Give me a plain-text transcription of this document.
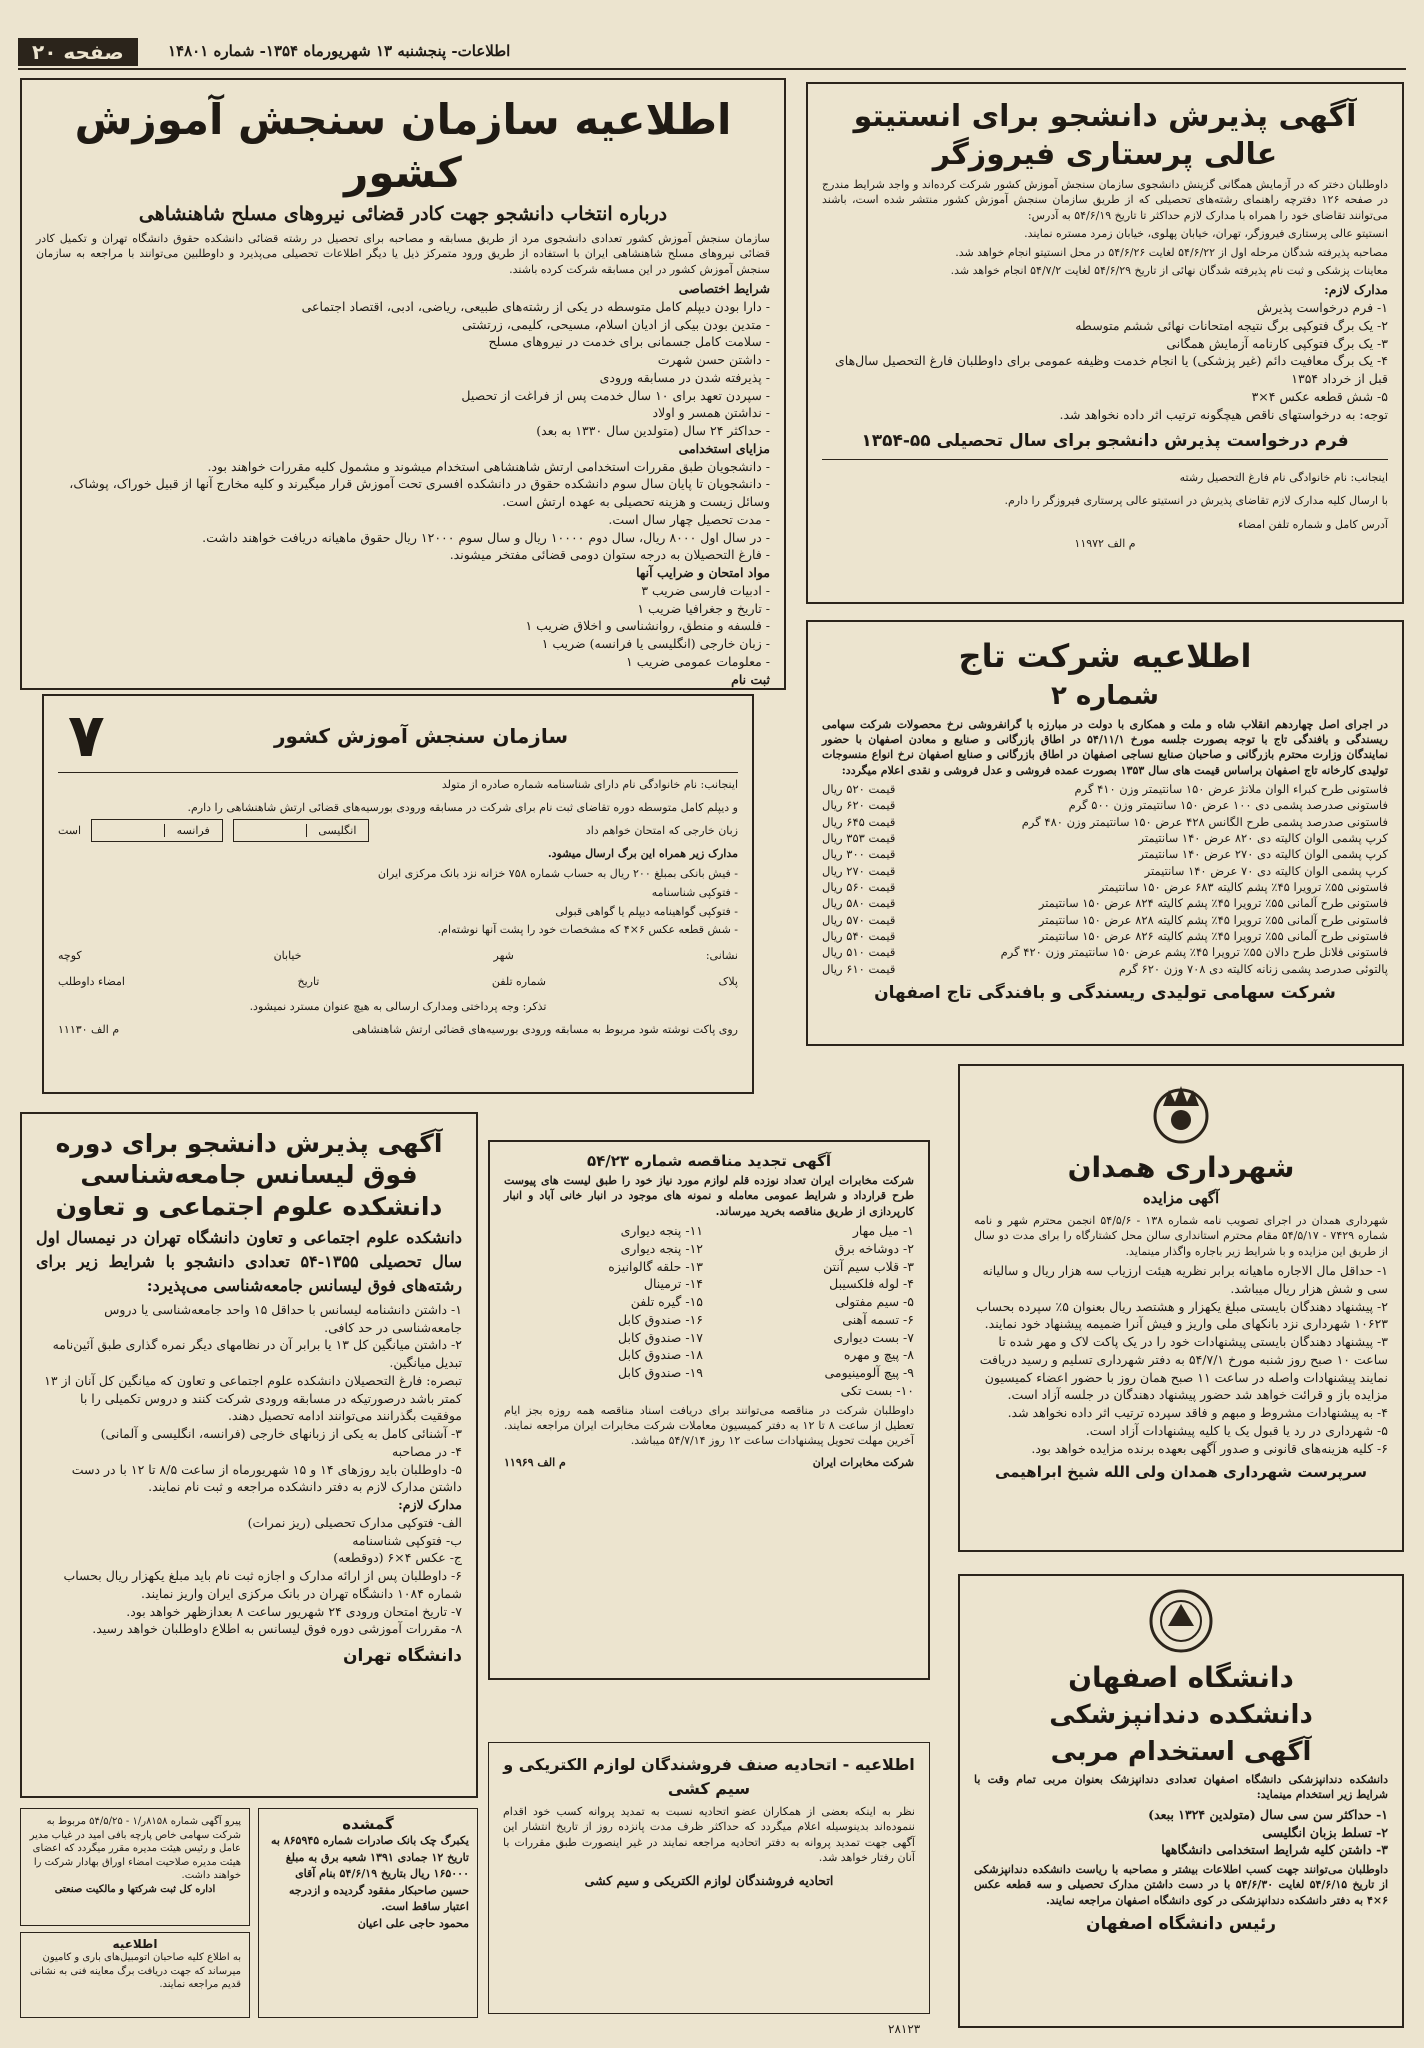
صفحه ۲۰	اطلاعات- پنجشنبه ۱۳ شهریورماه ۱۳۵۴- شماره ۱۴۸۰۱
اطلاعیه سازمان سنجش آموزش کشور
درباره انتخاب دانشجو جهت کادر قضائی نیروهای مسلح شاهنشاهی
سازمان سنجش آموزش کشور تعدادی دانشجوی مرد از طریق مسابقه و مصاحبه برای تحصیل در رشته قضائی دانشکده حقوق دانشگاه تهران و تکمیل کادر قضائی نیروهای مسلح شاهنشاهی ایران با استفاده از طریق ورود متمرکز ذیل یا دیگر اطلاعات تحصیلی می‌پذیرد و داوطلبین می‌توانند با مراجعه به سازمان سنجش آموزش کشور در این مسابقه شرکت کرده باشند.
شرایط اختصاصی
- دارا بودن دیپلم کامل متوسطه در یکی از رشته‌های طبیعی، ریاضی، ادبی، اقتصاد اجتماعی
- متدین بودن بیکی از ادیان اسلام، مسیحی، کلیمی، زرتشتی
- سلامت کامل جسمانی برای خدمت در نیروهای مسلح
- داشتن حسن شهرت
- پذیرفته شدن در مسابقه ورودی
- سپردن تعهد برای ۱۰ سال خدمت پس از فراغت از تحصیل
- نداشتن همسر و اولاد
- حداکثر ۲۴ سال (متولدین سال ۱۳۳۰ به بعد)
مزایای استخدامی
- دانشجویان طبق مقررات استخدامی ارتش شاهنشاهی استخدام میشوند و مشمول کلیه مقررات خواهند بود.
- دانشجویان تا پایان سال سوم دانشکده حقوق در دانشکده افسری تحت آموزش قرار میگیرند و کلیه مخارج آنها از قبیل خوراک، پوشاک، وسائل زیست و هزینه تحصیلی به عهده ارتش است.
- مدت تحصیل چهار سال است.
- در سال اول ۸۰۰۰ ریال، سال دوم ۱۰۰۰۰ ریال و سال سوم ۱۲۰۰۰ ریال حقوق ماهیانه دریافت خواهند داشت.
- فارغ التحصیلان به درجه ستوان دومی قضائی مفتخر میشوند.
مواد امتحان و ضرایب آنها
- ادبیات فارسی ضریب ۳
- تاریخ و جغرافیا ضریب ۱
- فلسفه و منطق، روانشناسی و اخلاق ضریب ۱
- زبان خارجی (انگلیسی یا فرانسه) ضریب ۱
- معلومات عمومی ضریب ۱
ثبت نام
سازمان سنجش آموزش کشور
۷
اینجانب: نام خانوادگی نام دارای شناسنامه شماره صادره از متولد
و دیپلم کامل متوسطه دوره تقاضای ثبت نام برای شرکت در مسابقه ورودی بورسیه‌های قضائی ارتش شاهنشاهی را دارم.
زبان خارجی که امتحان خواهم داد
انگلیسی
فرانسه
است
مدارک زیر همراه این برگ ارسال میشود.
- فیش بانکی بمبلغ ۲۰۰ ریال به حساب شماره ۷۵۸ خزانه نزد بانک مرکزی ایران
- فتوکپی شناسنامه
- فتوکپی گواهینامه دیپلم یا گواهی قبولی
- شش قطعه عکس ۶×۴ که مشخصات خود را پشت آنها نوشته‌ام.
نشانی:
شهر
خیابان
کوچه
پلاک
شماره تلفن
تاریخ
امضاء داوطلب
تذکر: وجه پرداختی ومدارک ارسالی به هیچ عنوان مسترد نمیشود.
روی پاکت نوشته شود مربوط به مسابقه ورودی بورسیه‌های قضائی ارتش شاهنشاهی
م الف ۱۱۱۳۰
آگهی پذیرش دانشجو برای انستیتو عالی پرستاری فیروزگر
داوطلبان دختر که در آزمایش همگانی گزینش دانشجوی سازمان سنجش آموزش کشور شرکت کرده‌اند و واجد شرایط مندرج در صفحه ۱۲۶ دفترچه راهنمای رشته‌های تحصیلی که از طریق سازمان سنجش آموزش کشور منتشر شده است، باشند می‌توانند تقاضای خود را همراه با مدارک لازم حداکثر تا تاریخ ۵۴/۶/۱۹ به آدرس:
انستیتو عالی پرستاری فیروزگر، تهران، خیابان پهلوی، خیابان زمرد مستره نمایند.
مصاحبه پذیرفته شدگان مرحله اول از ۵۴/۶/۲۲ لغایت ۵۴/۶/۲۶ در محل انستیتو انجام خواهد شد.
معاینات پزشکی و ثبت نام پذیرفته شدگان نهائی از تاریخ ۵۴/۶/۲۹ لغایت ۵۴/۷/۲ انجام خواهد شد.
مدارک لازم:
۱- فرم درخواست پذیرش
۲- یک برگ فتوکپی برگ نتیجه امتحانات نهائی ششم متوسطه
۳- یک برگ فتوکپی کارنامه آزمایش همگانی
۴- یک برگ معافیت دائم (غیر پزشکی) یا انجام خدمت وظیفه عمومی برای داوطلبان فارغ التحصیل سال‌های قبل از خرداد ۱۳۵۴
۵- شش قطعه عکس ۴×۳
توجه: به درخواستهای ناقص هیچگونه ترتیب اثر داده نخواهد شد.
فرم درخواست پذیرش دانشجو برای سال تحصیلی ۵۵-۱۳۵۴
اینجانب: نام خانوادگی نام فارغ التحصیل رشته
با ارسال کلیه مدارک لازم تقاضای پذیرش در انستیتو عالی پرستاری فیروزگر را دارم.
آدرس کامل و شماره تلفن امضاء
م الف ۱۱۹۷۲
اطلاعیه شرکت تاج
شماره ۲
در اجرای اصل چهاردهم انقلاب شاه و ملت و همکاری با دولت در مبارزه با گرانفروشی نرخ محصولات شرکت سهامی ریسندگی و بافندگی تاج با توجه بصورت جلسه مورخ ۵۴/۱۱/۱ در اطاق بازرگانی و صنایع و معادن اصفهان با حضور نمایندگان وزارت محترم بازرگانی و صاحبان صنایع نساجی اصفهان در اطاق بازرگانی و صنایع اصفهان نرخ انواع منسوجات تولیدی کارخانه تاج اصفهان براساس قیمت های سال ۱۳۵۳ بصورت عمده فروشی و عدل فروشی و نقدی اعلام میگردد:
فاستونی طرح کبراء الوان ملانژ عرض ۱۵۰ سانتیمتر وزن ۴۱۰ گرم
قیمت ۵۲۰ ریال
فاستونی صدرصد پشمی دی ۱۰۰ عرض ۱۵۰ سانتیمتر وزن ۵۰۰ گرم
قیمت ۶۲۰ ریال
فاستونی صدرصد پشمی طرح الگانس ۴۲۸ عرض ۱۵۰ سانتیمتر وزن ۴۸۰ گرم
قیمت ۶۴۵ ریال
کرپ پشمی الوان کالیته دی ۸۲۰ عرض ۱۴۰ سانتیمتر
قیمت ۳۵۳ ریال
کرپ پشمی الوان کالیته دی ۲۷۰ عرض ۱۴۰ سانتیمتر
قیمت ۳۰۰ ریال
کرپ پشمی الوان کالیته دی ۷۰ عرض ۱۴۰ سانتیمتر
قیمت ۲۷۰ ریال
فاستونی ۵۵٪ ترویرا ۴۵٪ پشم کالیته ۶۸۳ عرض ۱۵۰ سانتیمتر
قیمت ۵۶۰ ریال
فاستونی طرح آلمانی ۵۵٪ ترویرا ۴۵٪ پشم کالیته ۸۲۴ عرض ۱۵۰ سانتیمتر
قیمت ۵۸۰ ریال
فاستونی طرح آلمانی ۵۵٪ ترویرا ۴۵٪ پشم کالیته ۸۲۸ عرض ۱۵۰ سانتیمتر
قیمت ۵۷۰ ریال
فاستونی طرح آلمانی ۵۵٪ ترویرا ۴۵٪ پشم کالیته ۸۲۶ عرض ۱۵۰ سانتیمتر
قیمت ۵۴۰ ریال
فاستونی فلانل طرح دالان ۵۵٪ ترویرا ۴۵٪ پشم عرض ۱۵۰ سانتیمتر وزن ۴۲۰ گرم
قیمت ۵۱۰ ریال
پالتوئی صدرصد پشمی زنانه کالیته دی ۷۰۸ وزن ۶۲۰ گرم
قیمت ۶۱۰ ریال
شرکت سهامی تولیدی ریسندگی و بافندگی تاج اصفهان
شهرداری همدان
آگهی مزایده
شهرداری همدان در اجرای تصویب نامه شماره ۱۳۸ - ۵۴/۵/۶ انجمن محترم شهر و نامه شماره ۷۴۲۹ - ۵۴/۵/۱۷ مقام محترم استانداری سالن محل کشتارگاه را برای مدت دو سال از طریق این مزایده و با شرایط زیر باجاره واگذار مینماید.
۱- حداقل مال الاجاره ماهیانه برابر نظریه هیئت ارزیاب سه هزار ریال و سالیانه سی و شش هزار ریال میباشد.
۲- پیشنهاد دهندگان بایستی مبلغ یکهزار و هشتصد ریال بعنوان ۵٪ سپرده بحساب ۱۰۶۲۳ شهرداری نزد بانکهای ملی واریز و فیش آنرا ضمیمه پیشنهاد خود نمایند.
۳- پیشنهاد دهندگان بایستی پیشنهادات خود را در یک پاکت لاک و مهر شده تا ساعت ۱۰ صبح روز شنبه مورخ ۵۴/۷/۱ به دفتر شهرداری تسلیم و رسید دریافت نمایند پیشنهادات واصله در ساعت ۱۱ صبح همان روز با حضور اعضاء کمیسیون مزایده باز و قرائت خواهد شد حضور پیشنهاد دهندگان در جلسه آزاد است.
۴- به پیشنهادات مشروط و مبهم و فاقد سپرده ترتیب اثر داده نخواهد شد.
۵- شهرداری در رد یا قبول یک یا کلیه پیشنهادات آزاد است.
۶- کلیه هزینه‌های قانونی و صدور آگهی بعهده برنده مزایده خواهد بود.
سرپرست شهرداری همدان ولی الله شیخ ابراهیمی
دانشگاه اصفهان
دانشکده دندانپزشکی
آگهی استخدام مربی
دانشکده دندانپزشکی دانشگاه اصفهان تعدادی دندانپزشک بعنوان مربی تمام وقت با شرایط زیر استخدام مینماید:
۱- حداکثر سن سی سال (متولدین ۱۳۲۴ ببعد)
۲- تسلط بزبان انگلیسی
۳- داشتن کلیه شرایط استخدامی دانشگاهها
داوطلبان می‌توانند جهت کسب اطلاعات بیشتر و مصاحبه با ریاست دانشکده دندانپزشکی از تاریخ ۵۴/۶/۱۵ لغایت ۵۴/۶/۳۰ با در دست داشتن مدارک تحصیلی و سه قطعه عکس ۶×۴ به دفتر دانشکده دندانپزشکی در کوی دانشگاه اصفهان مراجعه نمایند.
رئیس دانشگاه اصفهان
آگهی پذیرش دانشجو برای دوره فوق لیسانس جامعه‌شناسی دانشکده علوم اجتماعی و تعاون
دانشکده علوم اجتماعی و تعاون دانشگاه تهران در نیمسال اول سال تحصیلی ۱۳۵۵-۵۴ تعدادی دانشجو با شرایط زیر برای رشته‌های فوق لیسانس جامعه‌شناسی می‌پذیرد:
۱- داشتن دانشنامه لیسانس با حداقل ۱۵ واحد جامعه‌شناسی یا دروس جامعه‌شناسی در حد کافی.
۲- داشتن میانگین کل ۱۳ یا برابر آن در نظامهای دیگر نمره گذاری طبق آئین‌نامه تبدیل میانگین.
تبصره: فارغ التحصیلان دانشکده علوم اجتماعی و تعاون که میانگین کل آنان از ۱۳ کمتر باشد درصورتیکه در مسابقه ورودی شرکت کنند و دروس تکمیلی را با موفقیت بگذرانند می‌توانند ادامه تحصیل دهند.
۳- آشنائی کامل به یکی از زبانهای خارجی (فرانسه، انگلیسی و آلمانی)
۴- در مصاحبه
۵- داوطلبان باید روزهای ۱۴ و ۱۵ شهریورماه از ساعت ۸/۵ تا ۱۲ با در دست داشتن مدارک لازم به دفتر دانشکده مراجعه و ثبت نام نمایند.
مدارک لازم:
الف- فتوکپی مدارک تحصیلی (ریز نمرات)
ب- فتوکپی شناسنامه
ج- عکس ۴×۶ (دوقطعه)
۶- داوطلبان پس از ارائه مدارک و اجازه ثبت نام باید مبلغ یکهزار ریال بحساب شماره ۱۰۸۴ دانشگاه تهران در بانک مرکزی ایران واریز نمایند.
۷- تاریخ امتحان ورودی ۲۴ شهریور ساعت ۸ بعدازظهر خواهد بود.
۸- مقررات آموزشی دوره فوق لیسانس به اطلاع داوطلبان خواهد رسید.
دانشگاه تهران
آگهی تجدید مناقصه شماره ۵۴/۲۳
شرکت مخابرات ایران تعداد نوزده قلم لوازم مورد نیاز خود را طبق لیست های پیوست طرح قرارداد و شرایط عمومی معامله و نمونه های موجود در انبار خانی آباد و انبار کارپردازی از طریق مناقصه بخرید میرساند.
۱- میل مهار
۲- دوشاخه برق
۳- قلاب سیم آنتن
۴- لوله فلکسیبل
۵- سیم مفتولی
۶- تسمه آهنی
۷- بست دیواری
۸- پیچ و مهره
۹- پیچ آلومینیومی
۱۰- بست تکی
۱۱- پنجه دیواری
۱۲- پنجه دیواری
۱۳- حلقه گالوانیزه
۱۴- ترمینال
۱۵- گیره تلفن
۱۶- صندوق کابل
۱۷- صندوق کابل
۱۸- صندوق کابل
۱۹- صندوق کابل
داوطلبان شرکت در مناقصه می‌توانند برای دریافت اسناد مناقصه همه روزه بجز ایام تعطیل از ساعت ۸ تا ۱۲ به دفتر کمیسیون معاملات شرکت مخابرات ایران مراجعه نمایند. آخرین مهلت تحویل پیشنهادات ساعت ۱۲ روز ۵۴/۷/۱۴ میباشد.
شرکت مخابرات ایران
م الف ۱۱۹۶۹
اطلاعیه - اتحادیه صنف فروشندگان لوازم الکتریکی و سیم کشی
نظر به اینکه بعضی از همکاران عضو اتحادیه نسبت به تمدید پروانه کسب خود اقدام ننموده‌اند بدینوسیله اعلام میگردد که حداکثر ظرف مدت پانزده روز از تاریخ انتشار این آگهی جهت تمدید پروانه به دفتر اتحادیه مراجعه نمایند در غیر اینصورت طبق مقررات با آنان رفتار خواهد شد.
اتحادیه فروشندگان لوازم الکتریکی و سیم کشی
پیرو آگهی شماره ۸۱۵۸ر/۱ - ۵۴/۵/۲۵ مربوط به شرکت سهامی خاص پارچه بافی امید در غیاب مدیر عامل و رئیس هیئت مدیره مقرر میگردد که اعضای هیئت مدیره صلاحیت امضاء اوراق بهادار شرکت را خواهند داشت.
اداره کل ثبت شرکتها و مالکیت صنعتی
گمشده
یکبرگ چک بانک صادرات شماره ۸۶۵۹۴۵ به تاریخ ۱۲ جمادی ۱۳۹۱ شعبه برق به مبلغ ۱۶۵۰۰۰ ریال بتاریخ ۵۴/۶/۱۹ بنام آقای حسین صاحبکار مفقود گردیده و ازدرجه اعتبار ساقط است.
محمود حاجی علی اعیان
اطلاعیه
به اطلاع کلیه صاحبان اتومبیل‌های باری و کامیون میرساند که جهت دریافت برگ معاینه فنی به نشانی قدیم مراجعه نمایند.
۲۸۱۲۳
